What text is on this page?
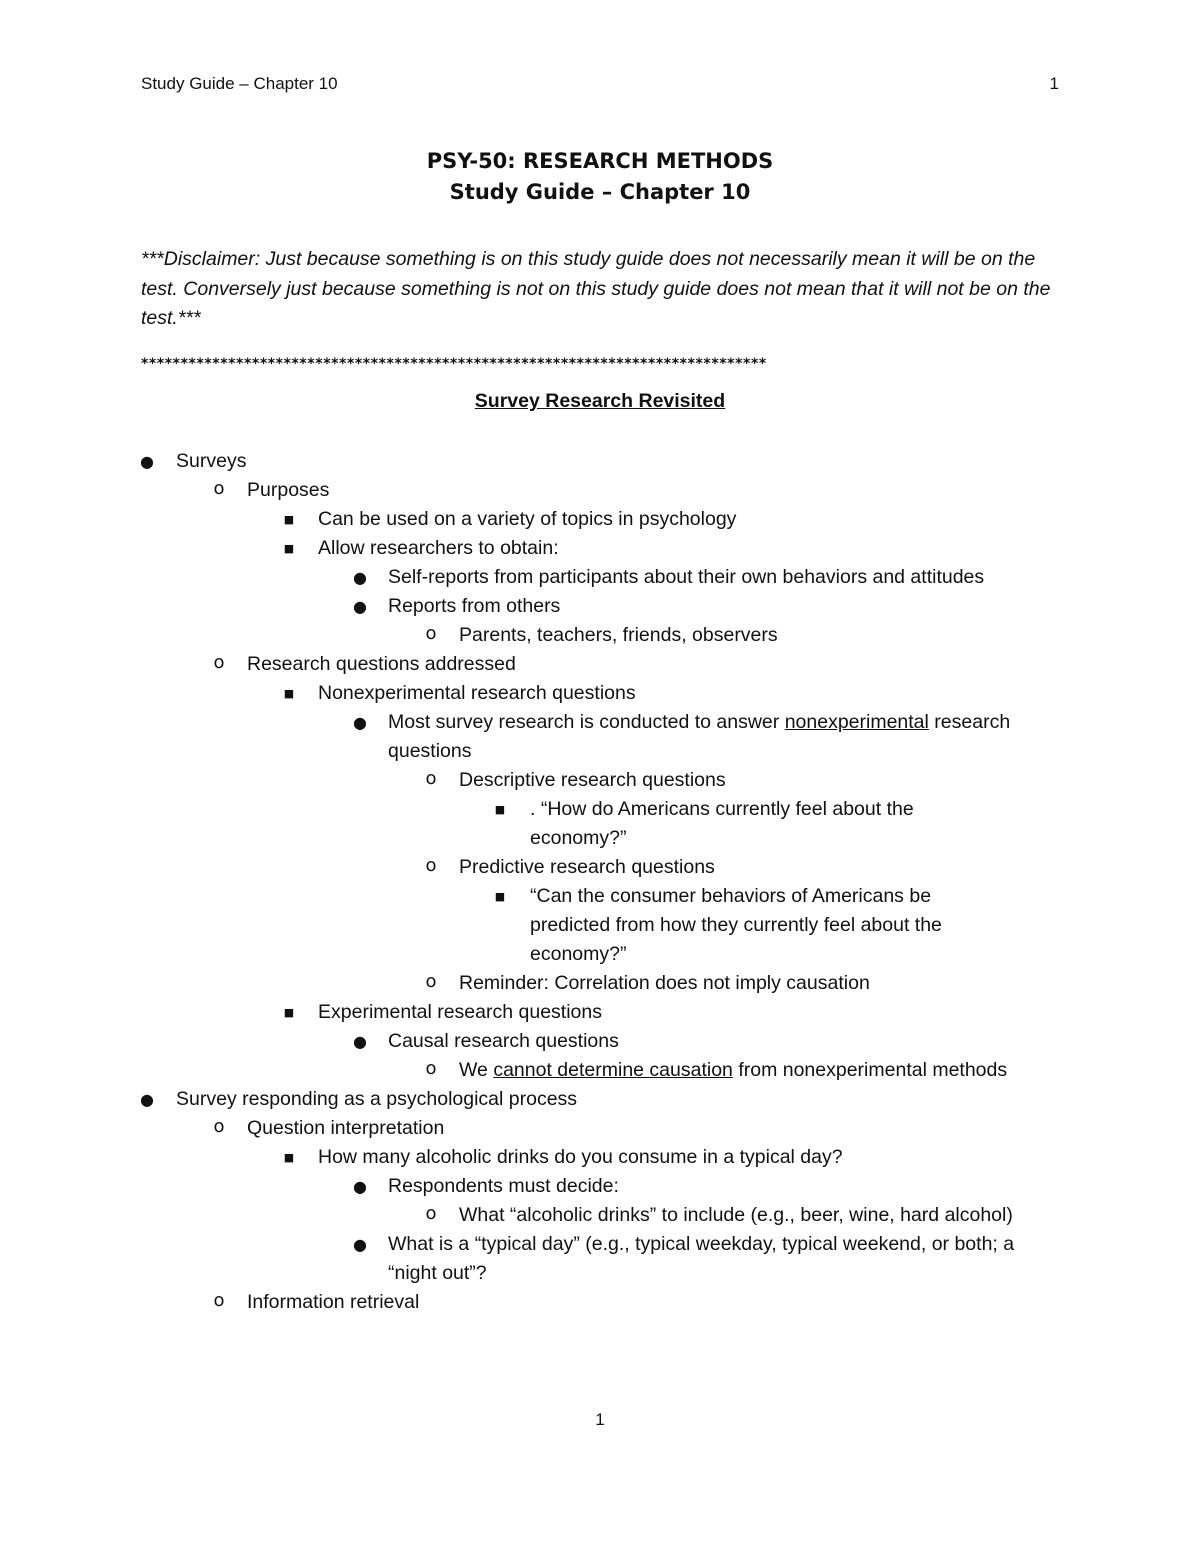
Study Guide – Chapter 10	1
PSY-50: RESEARCH METHODS
Study Guide – Chapter 10
***Disclaimer: Just because something is on this study guide does not necessarily mean it will be on the test. Conversely just because something is not on this study guide does not mean that it will not be on the test.***
*******************************************************************************
Survey Research Revisited
● Surveys
o Purposes
■ Can be used on a variety of topics in psychology
■ Allow researchers to obtain:
● Self-reports from participants about their own behaviors and attitudes
● Reports from others
o Parents, teachers, friends, observers
o Research questions addressed
■ Nonexperimental research questions
● Most survey research is conducted to answer nonexperimental research questions
o Descriptive research questions
■ . “How do Americans currently feel about the economy?”
o Predictive research questions
■ “Can the consumer behaviors of Americans be predicted from how they currently feel about the economy?”
o Reminder: Correlation does not imply causation
■ Experimental research questions
● Causal research questions
o We cannot determine causation from nonexperimental methods
● Survey responding as a psychological process
o Question interpretation
■ How many alcoholic drinks do you consume in a typical day?
● Respondents must decide:
o What “alcoholic drinks” to include (e.g., beer, wine, hard alcohol)
● What is a “typical day” (e.g., typical weekday, typical weekend, or both; a “night out”?
o Information retrieval
1
